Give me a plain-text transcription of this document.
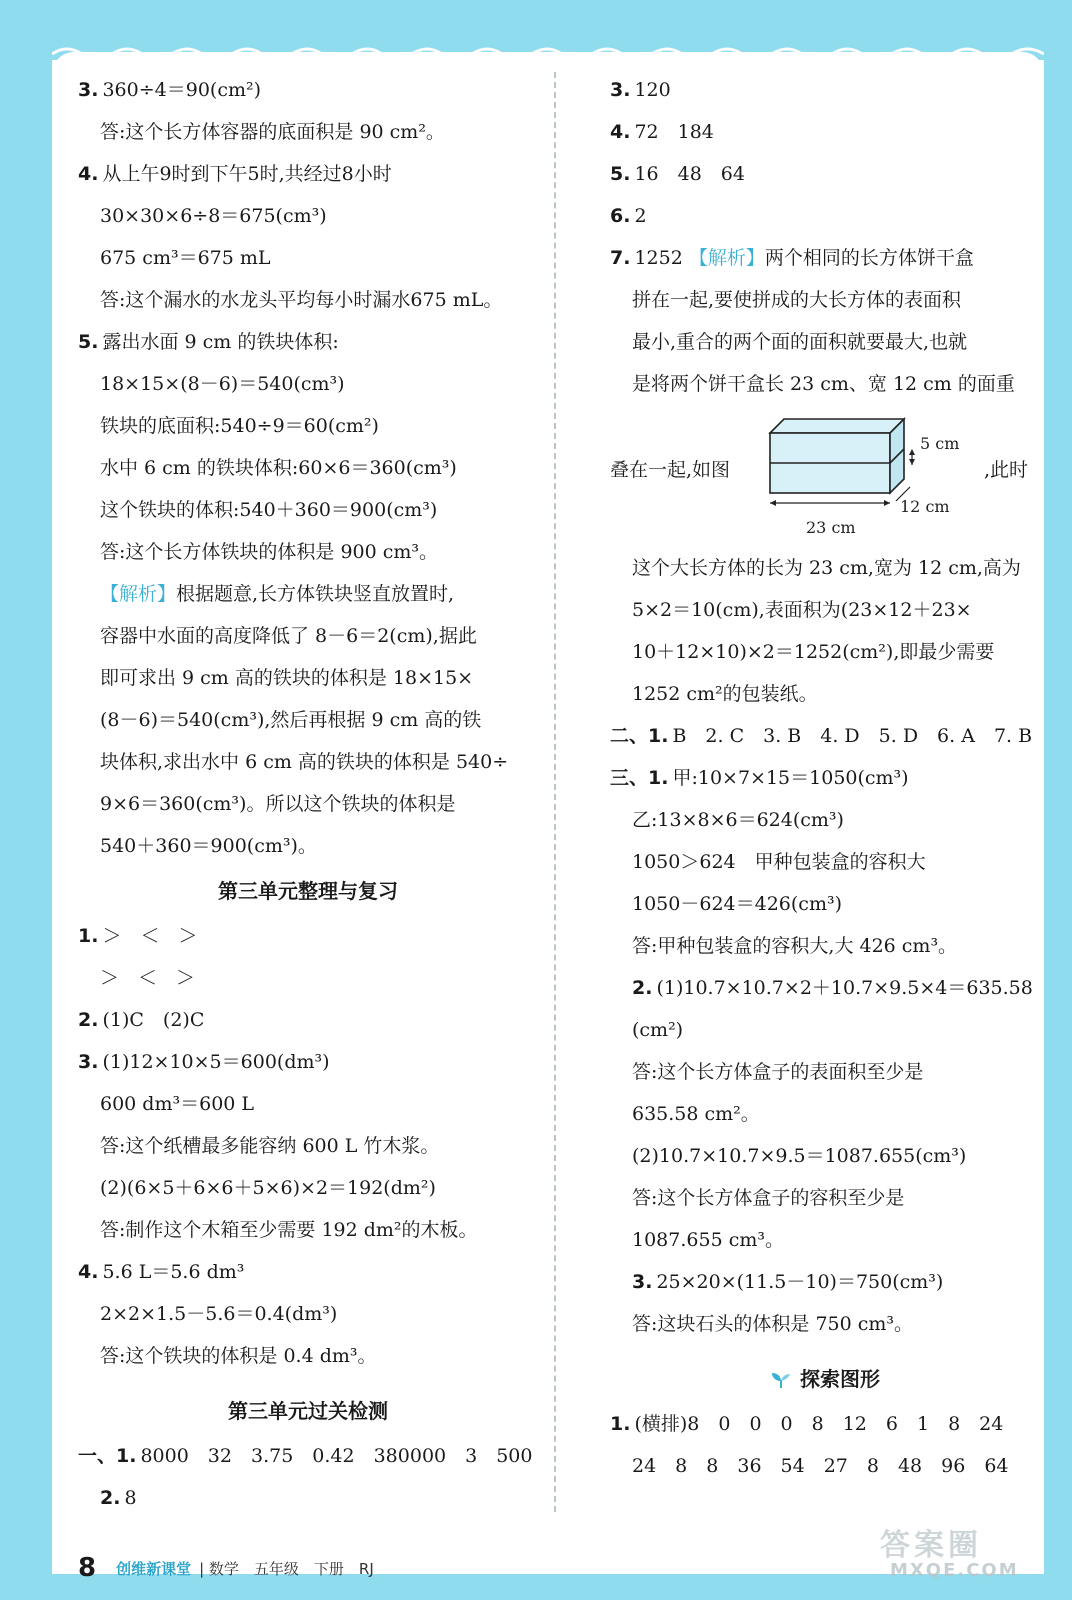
3. 360÷4＝90(cm²)
答:这个长方体容器的底面积是 90 cm²。
4. 从上午9时到下午5时,共经过8小时
30×30×6÷8＝675(cm³)
675 cm³＝675 mL
答:这个漏水的水龙头平均每小时漏水675 mL。
5. 露出水面 9 cm 的铁块体积:
18×15×(8－6)＝540(cm³)
铁块的底面积:540÷9＝60(cm²)
水中 6 cm 的铁块体积:60×6＝360(cm³)
这个铁块的体积:540＋360＝900(cm³)
答:这个长方体铁块的体积是 900 cm³。
【解析】根据题意,长方体铁块竖直放置时,
容器中水面的高度降低了 8－6＝2(cm),据此
即可求出 9 cm 高的铁块的体积是 18×15×
(8－6)＝540(cm³),然后再根据 9 cm 高的铁
块体积,求出水中 6 cm 高的铁块的体积是 540÷
9×6＝360(cm³)。所以这个铁块的体积是
540＋360＝900(cm³)。
第三单元整理与复习
1. ＞　＜　＞
＞　＜　＞
2. (1)C　(2)C
3. (1)12×10×5＝600(dm³)
600 dm³＝600 L
答:这个纸槽最多能容纳 600 L 竹木浆。
(2)(6×5＋6×6＋5×6)×2＝192(dm²)
答:制作这个木箱至少需要 192 dm²的木板。
4. 5.6 L＝5.6 dm³
2×2×1.5－5.6＝0.4(dm³)
答:这个铁块的体积是 0.4 dm³。
第三单元过关检测
一、1. 8000　32　3.75　0.42　380000　3　500
2. 8
3. 120
4. 72　184
5. 16　48　64
6. 2
7. 1252 【解析】两个相同的长方体饼干盒
拼在一起,要使拼成的大长方体的表面积
最小,重合的两个面的面积就要最大,也就
是将两个饼干盒长 23 cm、宽 12 cm 的面重
叠在一起,如图
5 cm
12 cm
23 cm
,此时
这个大长方体的长为 23 cm,宽为 12 cm,高为
5×2＝10(cm),表面积为(23×12＋23×
10＋12×10)×2＝1252(cm²),即最少需要
1252 cm²的包装纸。
二、1. B　2. C　3. B　4. D　5. D　6. A　7. B
三、1. 甲:10×7×15＝1050(cm³)
乙:13×8×6＝624(cm³)
1050＞624　甲种包装盒的容积大
1050－624＝426(cm³)
答:甲种包装盒的容积大,大 426 cm³。
2. (1)10.7×10.7×2＋10.7×9.5×4＝635.58
(cm²)
答:这个长方体盒子的表面积至少是
635.58 cm²。
(2)10.7×10.7×9.5＝1087.655(cm³)
答:这个长方体盒子的容积至少是
1087.655 cm³。
3. 25×20×(11.5－10)＝750(cm³)
答:这块石头的体积是 750 cm³。
探索图形
1. (横排)8　0　0　0　8　12　6　1　8　24
24　8　8　36　54　27　8　48　96　64
8 创维新课堂 | 数学　五年级　下册　RJ
答案圈
MXQE.COM
